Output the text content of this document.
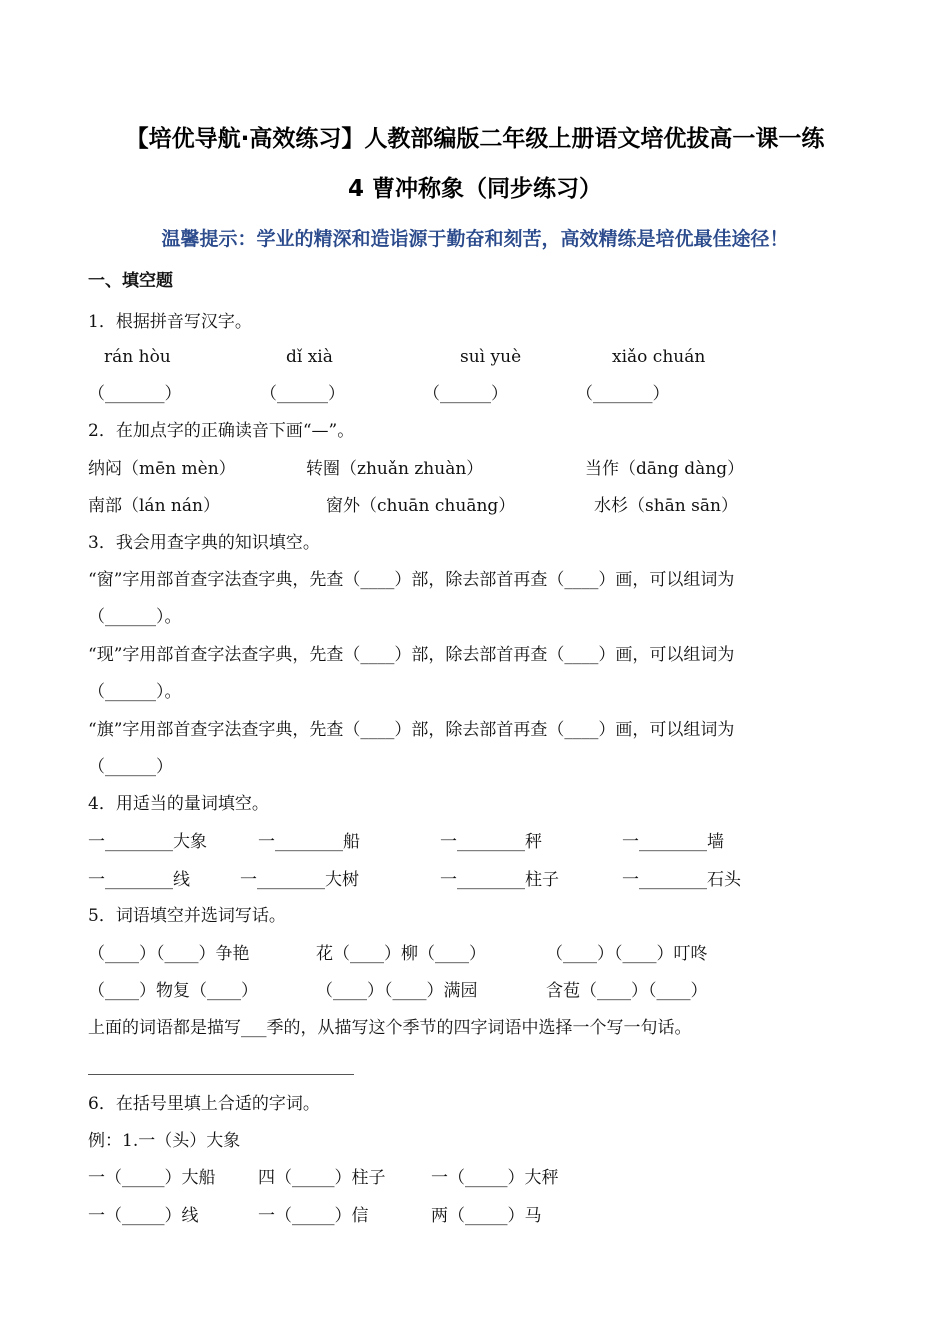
【培优导航·高效练习】人教部编版二年级上册语文培优拔高一课一练
4 曹冲称象（同步练习）
温馨提示：学业的精深和造诣源于勤奋和刻苦，高效精练是培优最佳途径！
一、填空题
1．根据拼音写汉字。
rán hòu	dǐ xià	suì yuè	xiǎo chuán
（_______）	（______）	（______）	（_______）
2．在加点字的正确读音下画“—”。
纳闷（mēn mèn）	转圈（zhuǎn zhuàn）	当作（dāng dàng）
南部（lán nán）	窗外（chuān chuāng）	水杉（shān sān）
3．我会用查字典的知识填空。
“窗”字用部首查字法查字典，先查（____）部，除去部首再查（____）画，可以组词为
（______）。
“现”字用部首查字法查字典，先查（____）部，除去部首再查（____）画，可以组词为
（______）。
“旗”字用部首查字法查字典，先查（____）部，除去部首再查（____）画，可以组词为
（______）
4．用适当的量词填空。
一________大象	一________船	一________秤	一________墙
一________线	一________大树	一________柱子	一________石头
5．词语填空并选词写话。
（____）（____）争艳	花（____）柳（____）	（____）（____）叮咚
（____）物复（____）	（____）（____）满园	含苞（____）（____）
上面的词语都是描写___季的，从描写这个季节的四字词语中选择一个写一句话。
6．在括号里填上合适的字词。
例：1.一（头）大象
一（_____）大船	四（_____）柱子	一（_____）大秤
一（_____）线	一（_____）信	两（_____）马
